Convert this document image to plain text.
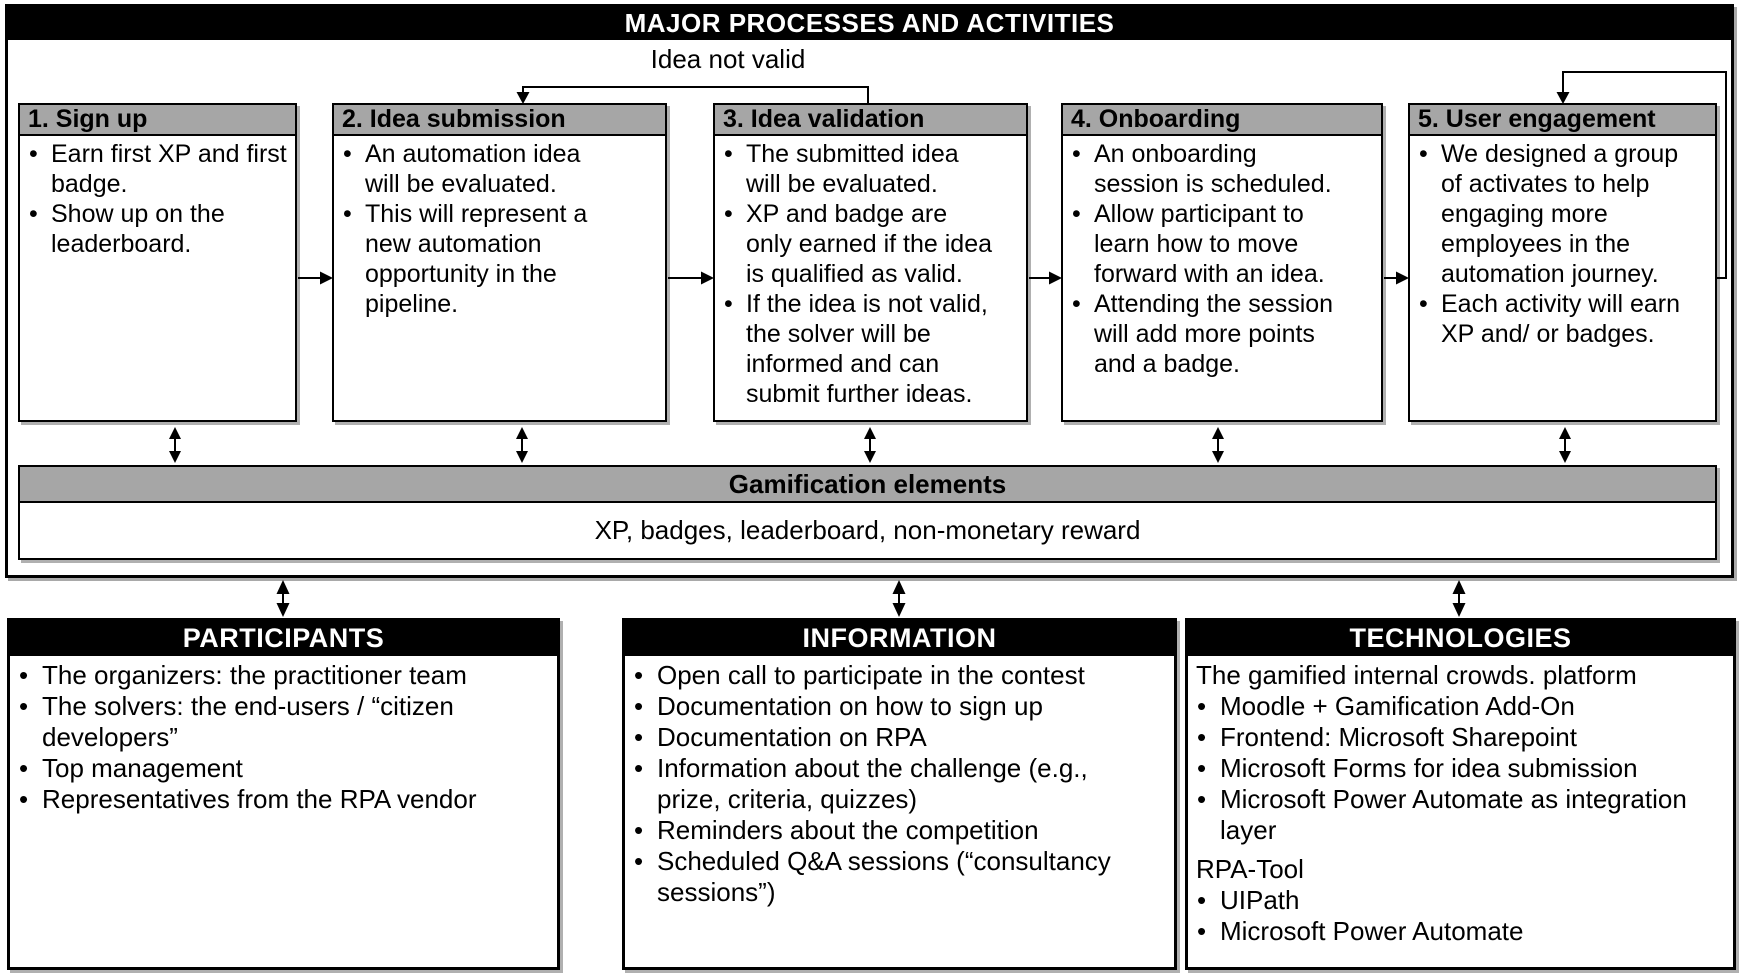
MAJOR PROCESSES AND ACTIVITIES
Idea not valid
1. Sign up
•
Earn first XP and first badge.
•
Show up on the leaderboard.
2. Idea submission
•
An automation idea will be evaluated.
•
This will represent a new automation opportunity in the pipeline.
3. Idea validation
•
The submitted idea will be evaluated.
•
XP and badge are only earned if the idea is qualified as valid.
•
If the idea is not valid, the solver will be informed and can submit further ideas.
4. Onboarding
•
An onboarding session is scheduled.
•
Allow participant to learn how to move forward with an idea.
•
Attending the session will add more points and a badge.
5. User engagement
•
We designed a group of activates to help engaging more employees in the automation journey.
•
Each activity will earn XP and/ or badges.
Gamification elements
XP, badges, leaderboard, non-monetary reward
PARTICIPANTS
•
The organizers: the practitioner team
•
The solvers: the end-users / “citizen developers”
•
Top management
•
Representatives from the RPA vendor
INFORMATION
•
Open call to participate in the contest
•
Documentation on how to sign up
•
Documentation on RPA
•
Information about the challenge (e.g., prize, criteria, quizzes)
•
Reminders about the competition
•
Scheduled Q&A sessions (“consultancy sessions”)
TECHNOLOGIES
The gamified internal crowds. platform
•
Moodle + Gamification Add-On
•
Frontend: Microsoft Sharepoint
•
Microsoft Forms for idea submission
•
Microsoft Power Automate as integration layer
RPA-Tool
•
UIPath
•
Microsoft Power Automate
